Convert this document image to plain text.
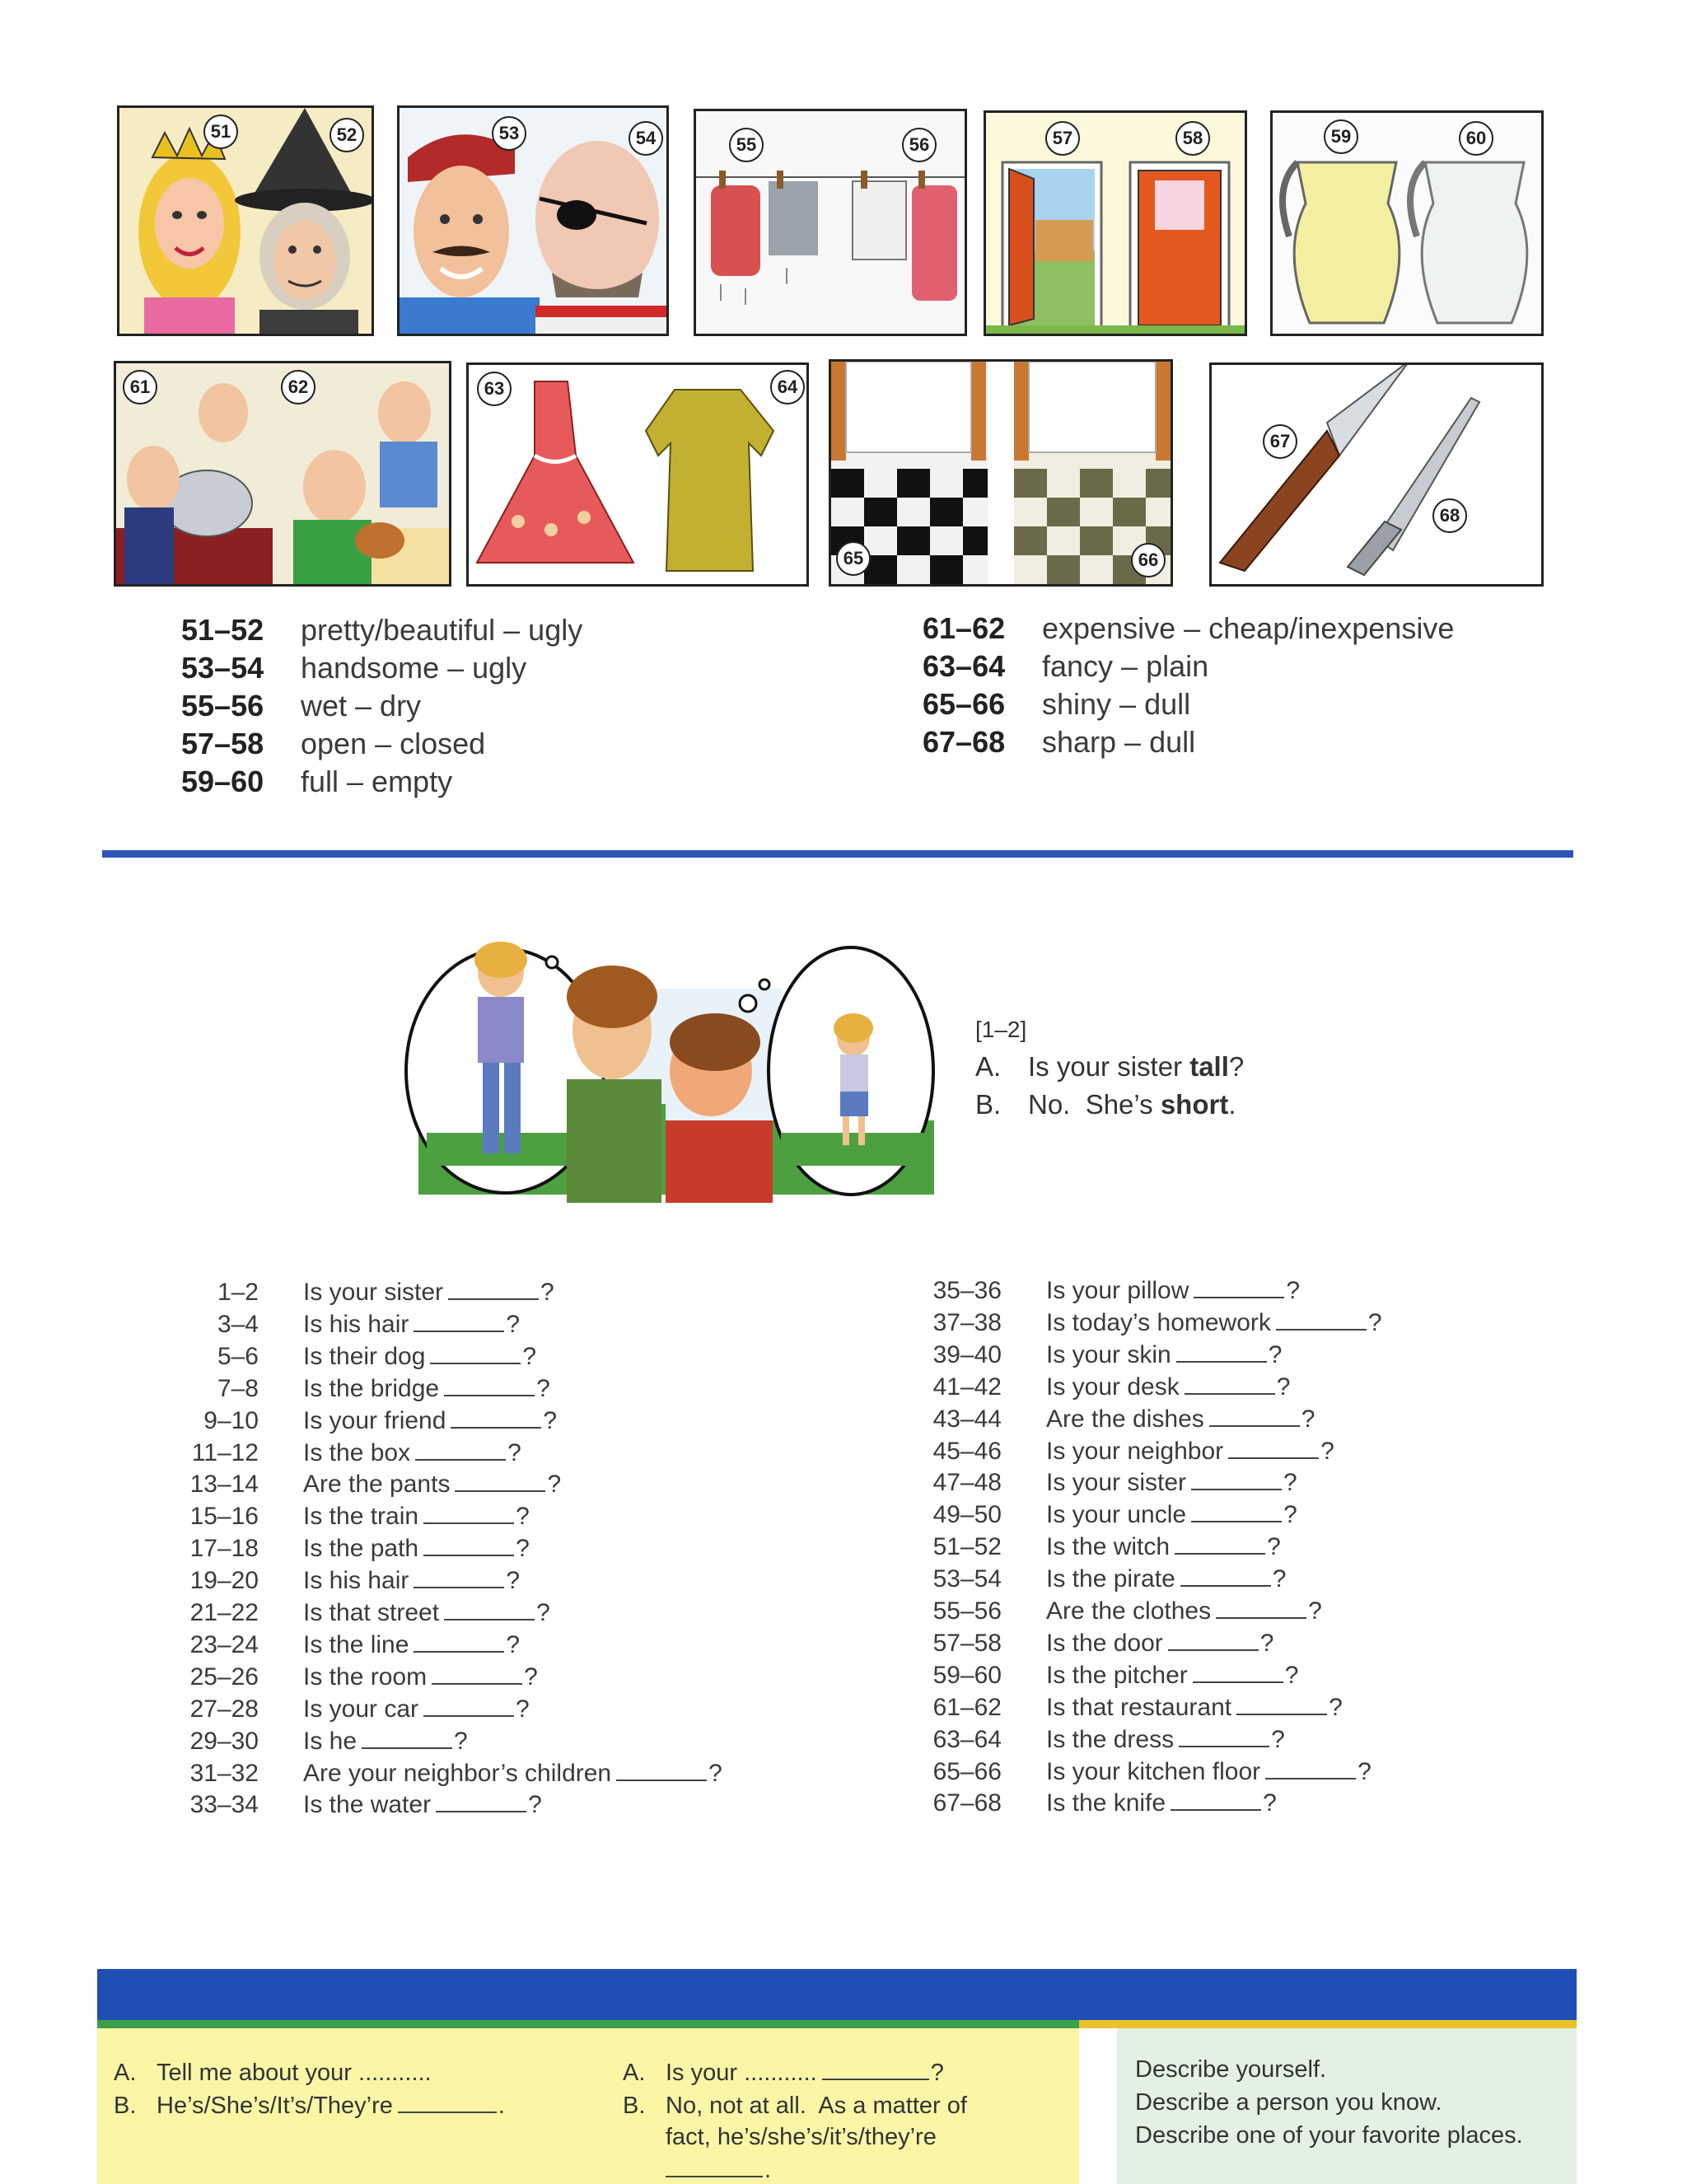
51	52	53	54	55	56	57	58	59	60
61	62	63	64
65	66
67
68
51–52 pretty/beautiful – ugly
53–54 handsome – ugly
55–56 wet – dry
57–58 open – closed
59–60 full – empty
61–62 expensive – cheap/inexpensive
63–64 fancy – plain
65–66 shiny – dull
67–68 sharp – dull
[1–2]
A. Is your sister tall?
B. No.  She’s short.
1–2 Is your sister	?
3–4 Is his hair	?
5–6 Is their dog	?
7–8 Is the bridge	?
9–10 Is your friend	?
11–12 Is the box	?
13–14 Are the pants	?
15–16 Is the train	?
17–18 Is the path	?
19–20 Is his hair	?
21–22 Is that street	?
23–24 Is the line	?
25–26 Is the room	?
27–28 Is your car	?
29–30 Is he	?
31–32 Are your neighbor’s children	?
33–34 Is the water	?
35–36 Is your pillow	?
37–38 Is today’s homework	?
39–40 Is your skin	?
41–42 Is your desk	?
43–44 Are the dishes	?
45–46 Is your neighbor	?
47–48 Is your sister	?
49–50 Is your uncle	?
51–52 Is the witch	?
53–54 Is the pirate	?
55–56 Are the clothes	?
57–58 Is the door	?
59–60 Is the pitcher	?
61–62 Is that restaurant	?
63–64 Is the dress	?
65–66 Is your kitchen floor	?
67–68 Is the knife	?
A. Tell me about your ...........
B. He’s/She’s/It’s/They’re	.
A. Is your ...........	?
B. No, not at all.  As a matter of
fact, he’s/she’s/it’s/they’re
.
Describe yourself.
Describe a person you know.
Describe one of your favorite places.
